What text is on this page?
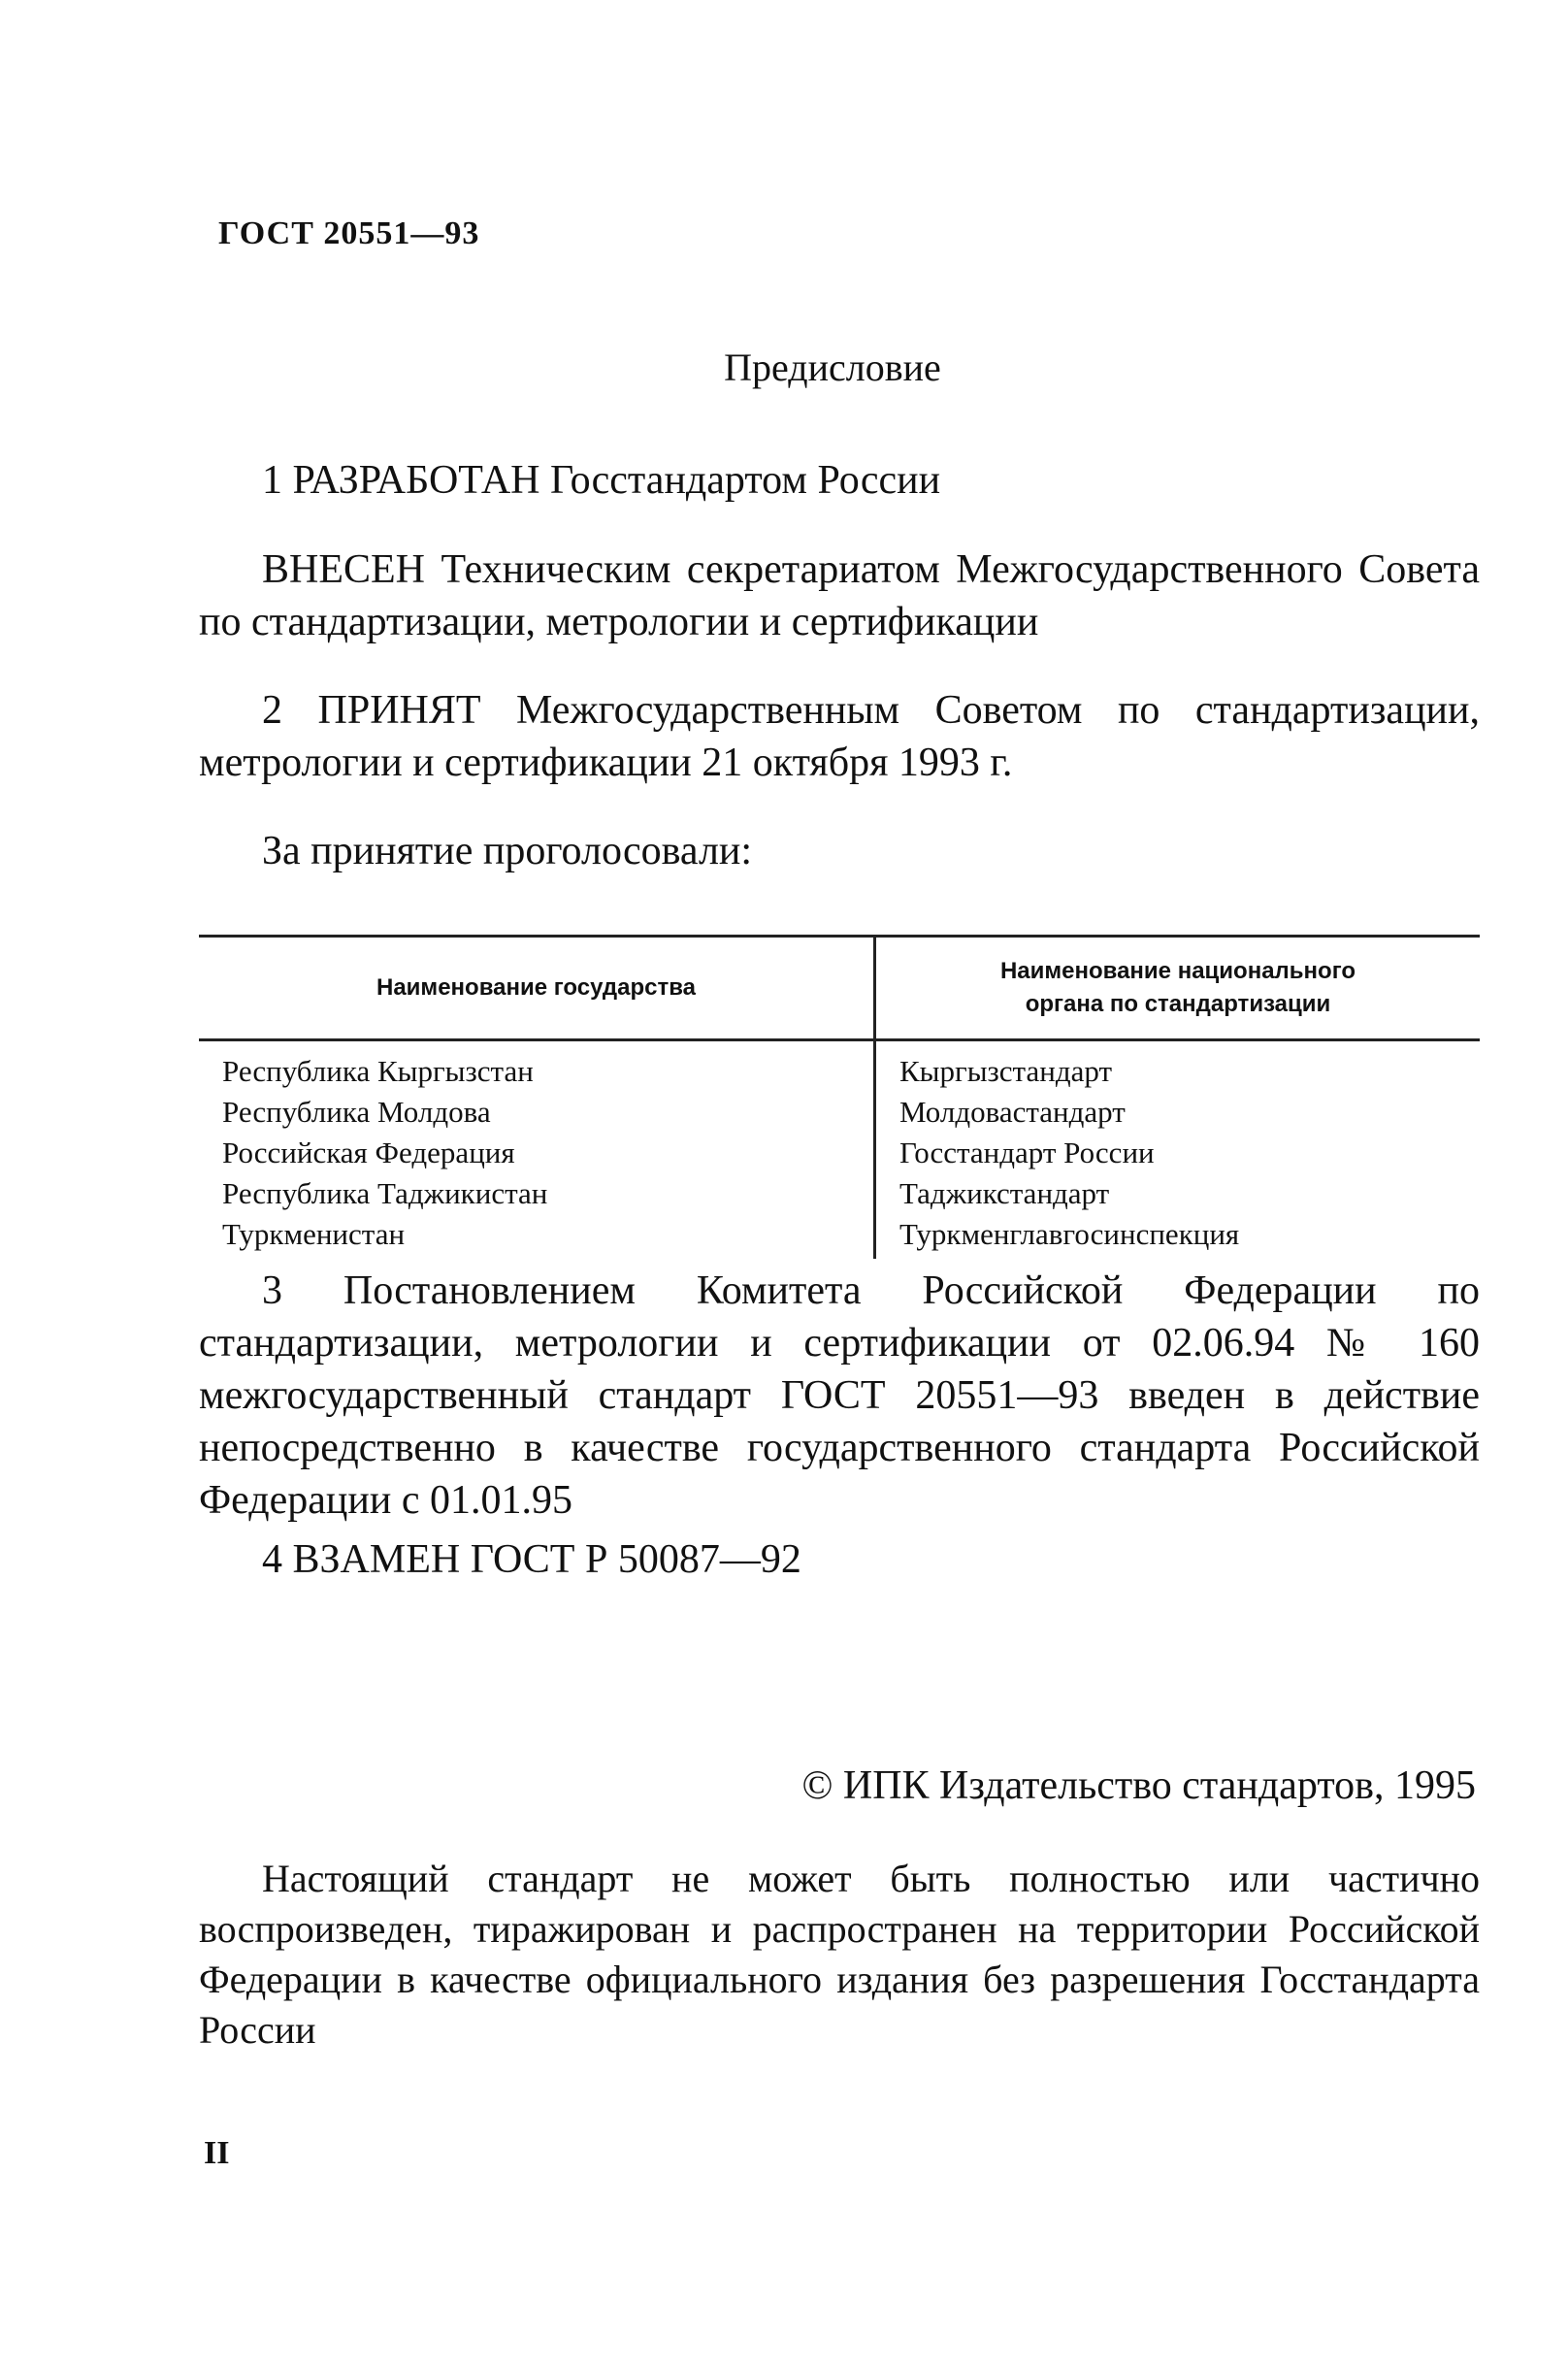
ГОСТ 20551—93
Предисловие
1 РАЗРАБОТАН Госстандартом России
ВНЕСЕН Техническим секретариатом Межгосударственного Совета по стандартизации, метрологии и сертификации
2 ПРИНЯТ Межгосударственным Советом по стандартизации, метрологии и сертификации 21 октября 1993 г.
За принятие проголосовали:
Наименование государства	Наименование национального
органа по стандартизации
Республика Кыргызстан	Кыргызстандарт
Республика Молдова	Молдовастандарт
Российская Федерация	Госстандарт России
Республика Таджикистан	Таджикстандарт
Туркменистан	Туркменглавгосинспекция
3 Постановлением Комитета Российской Федерации по стандартизации, метрологии и сертификации от 02.06.94 № 160 межгосударственный стандарт ГОСТ 20551—93 введен в действие непосредственно в качестве государственного стандарта Российской Федерации с 01.01.95
4 ВЗАМЕН ГОСТ Р 50087—92
© ИПК Издательство стандартов, 1995
Настоящий стандарт не может быть полностью или частично воспроизведен, тиражирован и распространен на территории Российской Федерации в качестве официального издания без разрешения Госстандарта России
II
